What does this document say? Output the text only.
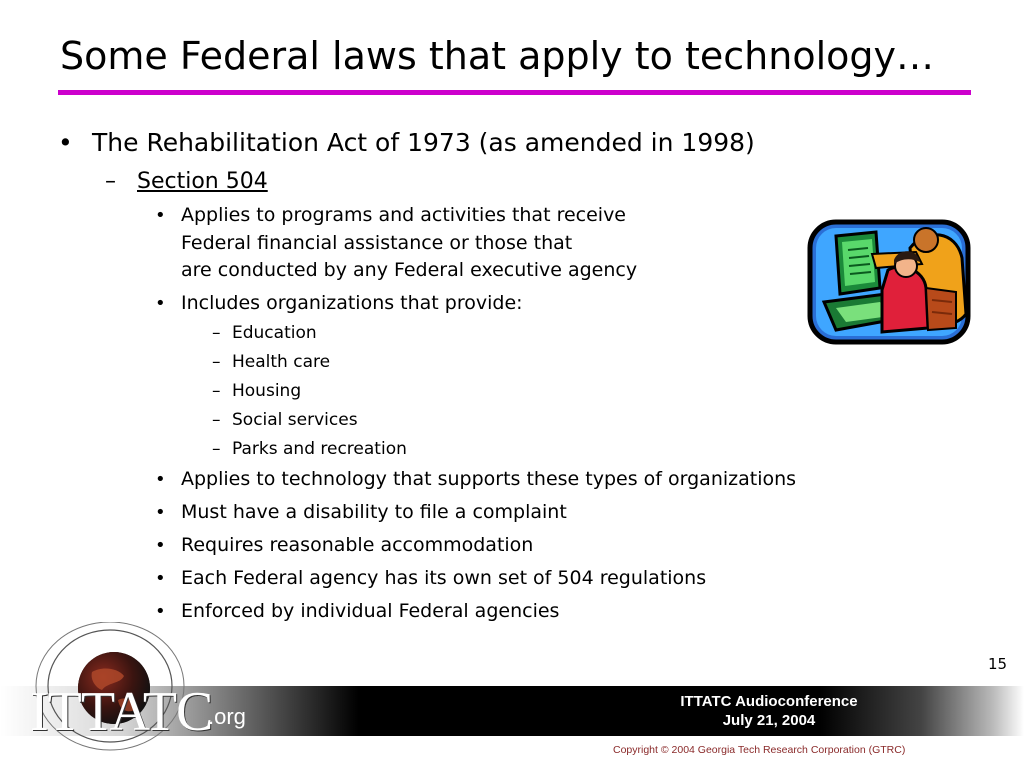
Some Federal laws that apply to technology…
• The Rehabilitation Act of 1973 (as amended in 1998)
– Section 504
• Applies to programs and activities that receive
Federal financial assistance or those that
are conducted by any Federal executive agency
• Includes organizations that provide:
– Education
– Health care
– Housing
– Social services
– Parks and recreation
• Applies to technology that supports these types of organizations
• Must have a disability to file a complaint
• Requires reasonable accommodation
• Each Federal agency has its own set of 504 regulations
• Enforced by individual Federal agencies
15
ITTATC
.org
ITTATC Audioconference
July 21, 2004
Copyright © 2004 Georgia Tech Research Corporation (GTRC)
